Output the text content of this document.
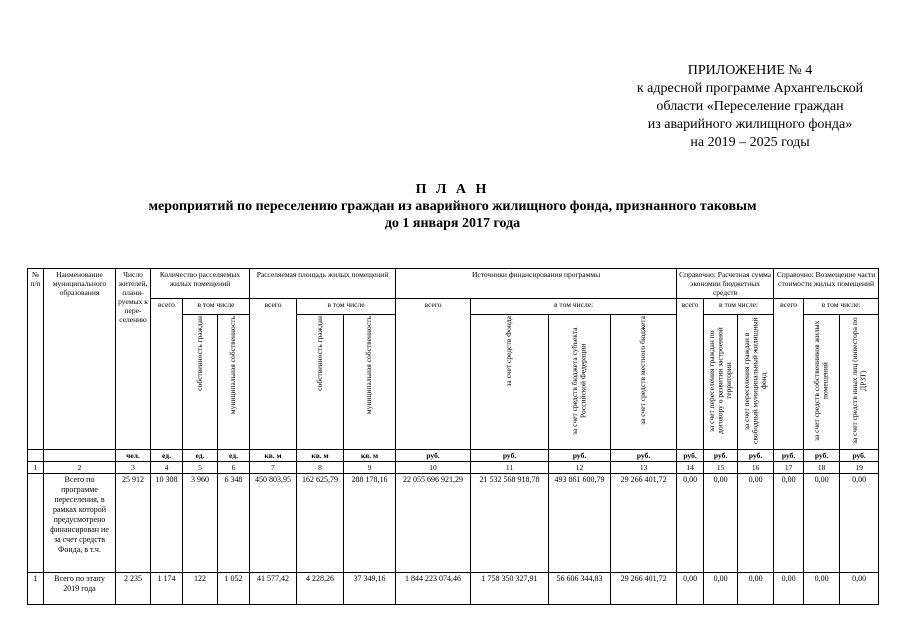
ПРИЛОЖЕНИЕ № 4
к адресной программе Архангельской
области «Переселение граждан
из аварийного жилищного фонда»
на 2019 – 2025 годы
П Л А Н
мероприятий по переселению граждан из аварийного жилищного фонда, признанного таковым
до 1 января 2017 года
№ п/п	Наименование муниципального образования	Число жителей, плани-руемых к пере-селению	Количество расселяемых жилых помещений			Расселяемая площадь жилых помещений			Источники финансирования программы				Справочно: Расчетная сумма экономии бюджетных средств			Справочно: Возмещение части стоимости жилых помещений		
			всего	в том числе		всего	в том числе		всего	в том числе:			всего	в том числе:		всего	в том числе:	
				собственность граждан	муниципальная собственность		собственность граждан	муниципальная собственность		за счет средств Фонда	за счет средств бюджета субъекта Российской Федерации	за счет средств местного бюджета		за счет переселения граждан по договору о развитии застроенной территории	за счет переселения граждан в свободный муниципальный жилищный фонд		за счет средств собственников жилых помещений	за счет средств иных лиц (инвестора по ДРЗТ)
		чел.	ед.	ед.	ед.	кв. м	кв. м	кв. м	руб.	руб.	руб.	руб.	руб.	руб.	руб.	руб.	руб.	руб.
1	2	3	4	5	6	7	8	9	10	11	12	13	14	15	16	17	18	19
	Всего по программе переселения, в рамках которой предусмотрено финансирован ие за счет средств Фонда, в т.ч.	25 912	10 308	3 960	6 348	450 803,95	162 625,79	288 178,16	22 055 696 921,29	21 532 568 918,78	493 861 600,79	29 266 401,72	0,00	0,00	0,00	0,00	0,00	0,00
1	Всего по этапу 2019 года	2 235	1 174	122	1 052	41 577,42	4 228,26	37 349,16	1 844 223 074,46	1 758 350 327,91	56 606 344,83	29 266 401,72	0,00	0,00	0,00	0,00	0,00	0,00
